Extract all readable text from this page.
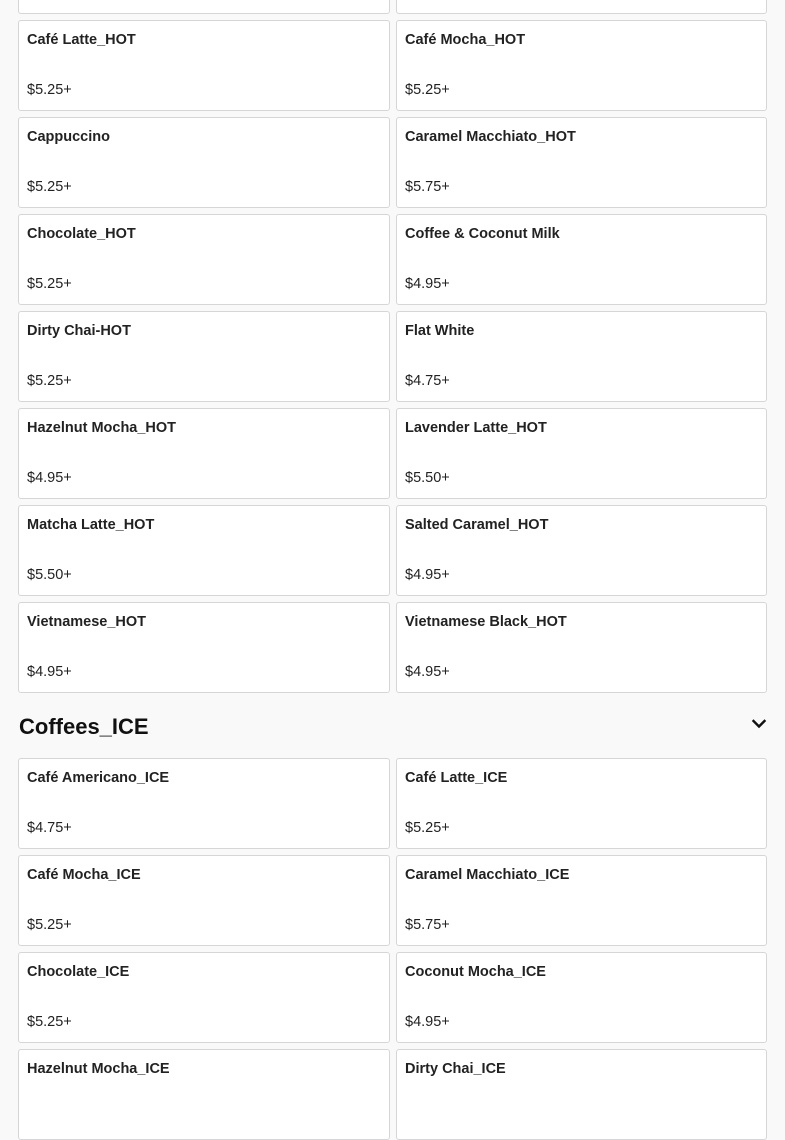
Café Latte_HOT
$5.25+
Café Mocha_HOT
$5.25+
Cappuccino
$5.25+
Caramel Macchiato_HOT
$5.75+
Chocolate_HOT
$5.25+
Coffee & Coconut Milk
$4.95+
Dirty Chai-HOT
$5.25+
Flat White
$4.75+
Hazelnut Mocha_HOT
$4.95+
Lavender Latte_HOT
$5.50+
Matcha Latte_HOT
$5.50+
Salted Caramel_HOT
$4.95+
Vietnamese_HOT
$4.95+
Vietnamese Black_HOT
$4.95+
Coffees_ICE
Café Americano_ICE
$4.75+
Café Latte_ICE
$5.25+
Café Mocha_ICE
$5.25+
Caramel Macchiato_ICE
$5.75+
Chocolate_ICE
$5.25+
Coconut Mocha_ICE
$4.95+
Hazelnut Mocha_ICE	Dirty Chai_ICE
